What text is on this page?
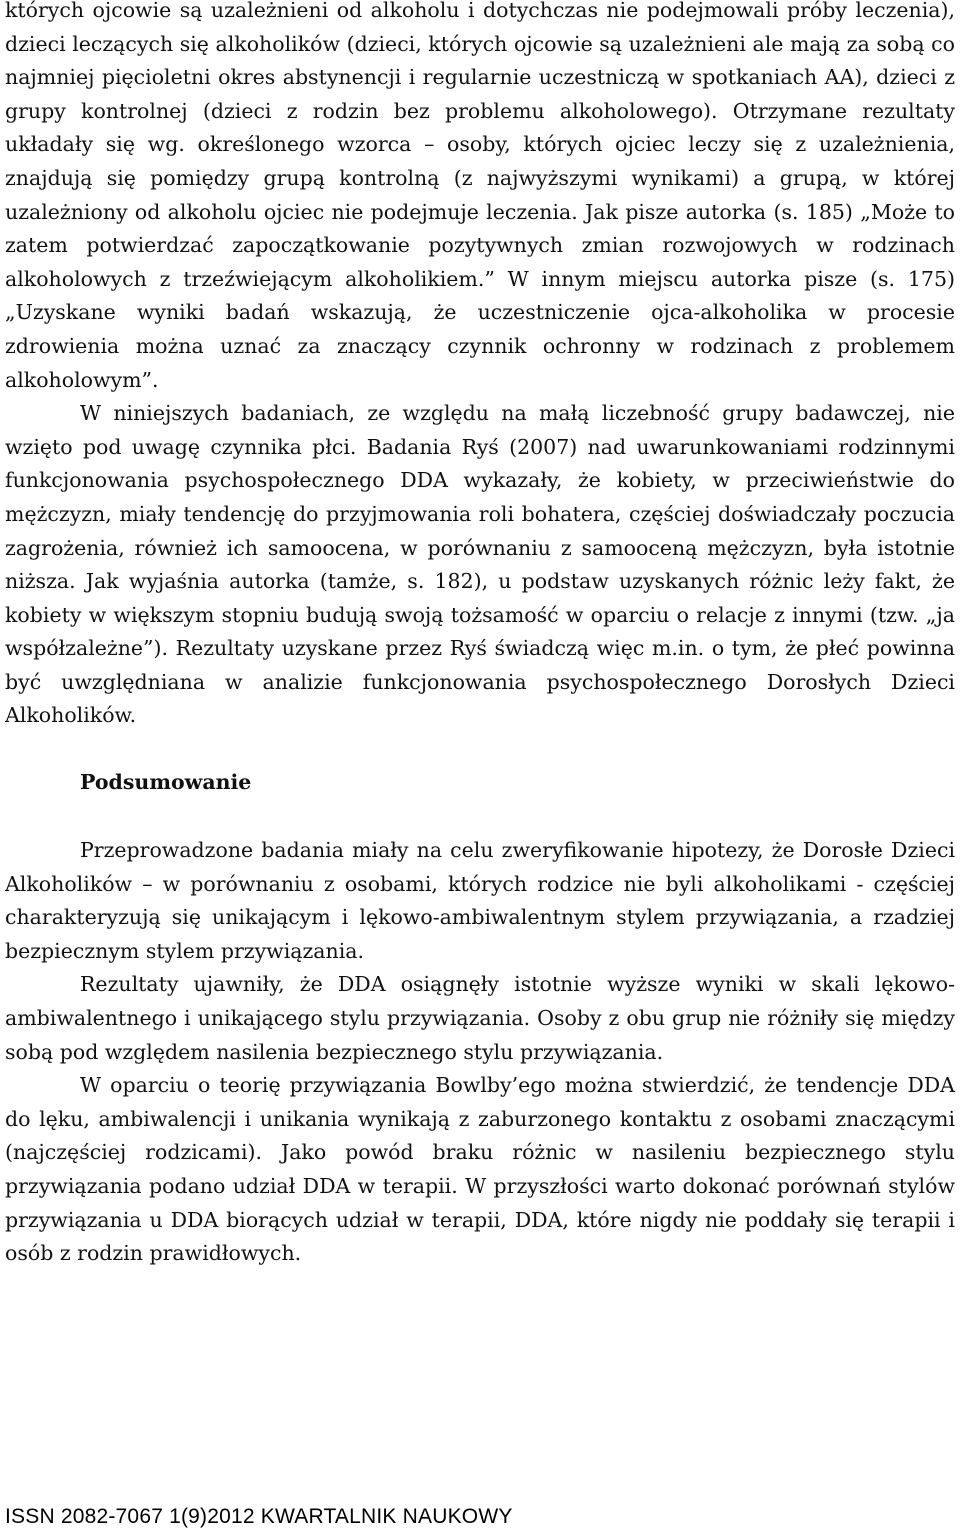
których ojcowie są uzależnieni od alkoholu i dotychczas nie podejmowali próby leczenia), dzieci leczących się alkoholików (dzieci, których ojcowie są uzależnieni ale mają za sobą co najmniej pięcioletni okres abstynencji i regularnie uczestniczą w spotkaniach AA), dzieci z grupy kontrolnej (dzieci z rodzin bez problemu alkoholowego). Otrzymane rezultaty układały się wg. określonego wzorca – osoby, których ojciec leczy się z uzależnienia, znajdują się pomiędzy grupą kontrolną (z najwyższymi wynikami) a grupą, w której uzależniony od alkoholu ojciec nie podejmuje leczenia. Jak pisze autorka (s. 185) „Może to zatem potwierdzać zapoczątkowanie pozytywnych zmian rozwojowych w rodzinach alkoholowych z trzeźwiejącym alkoholikiem.” W innym miejscu autorka pisze (s. 175) „Uzyskane wyniki badań wskazują, że uczestniczenie ojca-alkoholika w procesie zdrowienia można uznać za znaczący czynnik ochronny w rodzinach z problemem alkoholowym”.

W niniejszych badaniach, ze względu na małą liczebność grupy badawczej, nie wzięto pod uwagę czynnika płci. Badania Ryś (2007) nad uwarunkowaniami rodzinnymi funkcjonowania psychospołecznego DDA wykazały, że kobiety, w przeciwieństwie do mężczyzn, miały tendencję do przyjmowania roli bohatera, częściej doświadczały poczucia zagrożenia, również ich samoocena, w porównaniu z samooceną mężczyzn, była istotnie niższa. Jak wyjaśnia autorka (tamże, s. 182), u podstaw uzyskanych różnic leży fakt, że kobiety w większym stopniu budują swoją tożsamość w oparciu o relacje z innymi (tzw. „ja współzależne”). Rezultaty uzyskane przez Ryś świadczą więc m.in. o tym, że płeć powinna być uwzględniana w analizie funkcjonowania psychospołecznego Dorosłych Dzieci Alkoholików.

Podsumowanie

Przeprowadzone badania miały na celu zweryfikowanie hipotezy, że Dorosłe Dzieci Alkoholików – w porównaniu z osobami, których rodzice nie byli alkoholikami - częściej charakteryzują się unikającym i lękowo-ambiwalentnym stylem przywiązania, a rzadziej bezpiecznym stylem przywiązania.

Rezultaty ujawniły, że DDA osiągnęły istotnie wyższe wyniki w skali lękowo-ambiwalentnego i unikającego stylu przywiązania. Osoby z obu grup nie różniły się między sobą pod względem nasilenia bezpiecznego stylu przywiązania.

W oparciu o teorię przywiązania Bowlby’ego można stwierdzić, że tendencje DDA do lęku, ambiwalencji i unikania wynikają z zaburzonego kontaktu z osobami znaczącymi (najczęściej rodzicami). Jako powód braku różnic w nasileniu bezpiecznego stylu przywiązania podano udział DDA w terapii. W przyszłości warto dokonać porównań stylów przywiązania u DDA biorących udział w terapii, DDA, które nigdy nie poddały się terapii i osób z rodzin prawidłowych.

ISSN 2082-7067 1(9)2012 KWARTALNIK NAUKOWY
